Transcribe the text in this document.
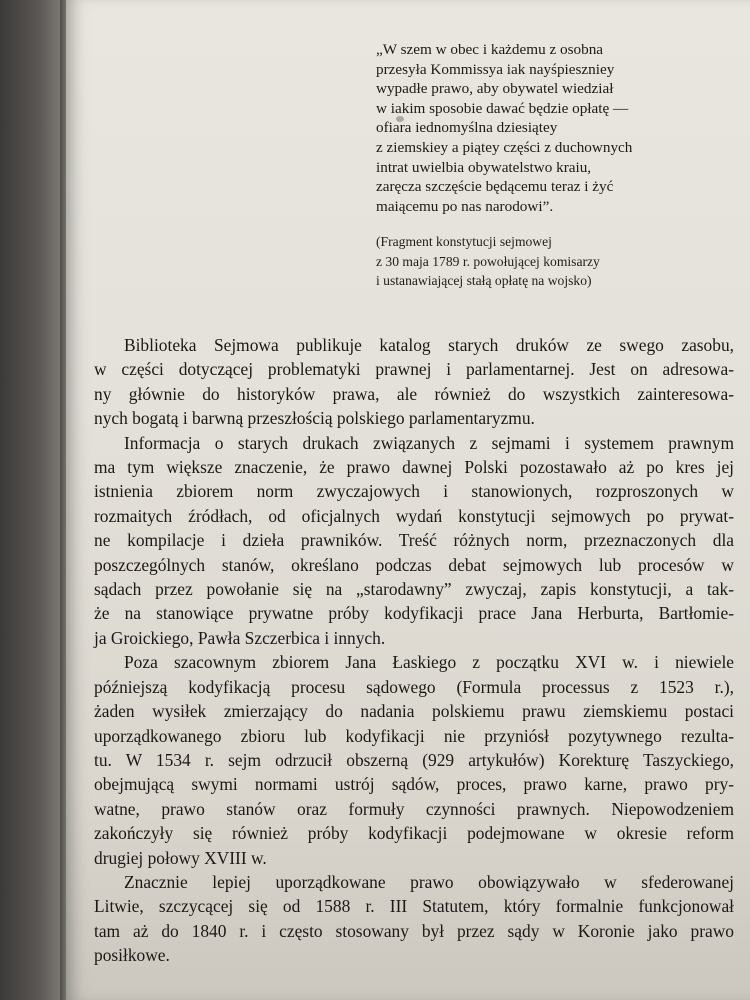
„W szem w obec i każdemu z osobna
przesyła Kommissya iak nayśpieszniey
wypadłe prawo, aby obywatel wiedział
w iakim sposobie dawać będzie opłatę —
ofiara iednomyślna dziesiątey
z ziemskiey a piątey części z duchownych
intrat uwielbia obywatelstwo kraiu,
zaręcza szczęście będącemu teraz i żyć
maiącemu po nas narodowi”.
(Fragment konstytucji sejmowej
z 30 maja 1789 r. powołującej komisarzy
i ustanawiającej stałą opłatę na wojsko)
Biblioteka Sejmowa publikuje katalog starych druków ze swego zasobu,
w części dotyczącej problematyki prawnej i parlamentarnej. Jest on adresowa-
ny głównie do historyków prawa, ale również do wszystkich zainteresowa-
nych bogatą i barwną przeszłością polskiego parlamentaryzmu.
Informacja o starych drukach związanych z sejmami i systemem prawnym
ma tym większe znaczenie, że prawo dawnej Polski pozostawało aż po kres jej
istnienia zbiorem norm zwyczajowych i stanowionych, rozproszonych w
rozmaitych źródłach, od oficjalnych wydań konstytucji sejmowych po prywat-
ne kompilacje i dzieła prawników. Treść różnych norm, przeznaczonych dla
poszczególnych stanów, określano podczas debat sejmowych lub procesów w
sądach przez powołanie się na „starodawny” zwyczaj, zapis konstytucji, a tak-
że na stanowiące prywatne próby kodyfikacji prace Jana Herburta, Bartłomie-
ja Groickiego, Pawła Szczerbica i innych.
Poza szacownym zbiorem Jana Łaskiego z początku XVI w. i niewiele
późniejszą kodyfikacją procesu sądowego (Formula processus z 1523 r.),
żaden wysiłek zmierzający do nadania polskiemu prawu ziemskiemu postaci
uporządkowanego zbioru lub kodyfikacji nie przyniósł pozytywnego rezulta-
tu. W 1534 r. sejm odrzucił obszerną (929 artykułów) Korekturę Taszyckiego,
obejmującą swymi normami ustrój sądów, proces, prawo karne, prawo pry-
watne, prawo stanów oraz formuły czynności prawnych. Niepowodzeniem
zakończyły się również próby kodyfikacji podejmowane w okresie reform
drugiej połowy XVIII w.
Znacznie lepiej uporządkowane prawo obowiązywało w sfederowanej
Litwie, szczycącej się od 1588 r. III Statutem, który formalnie funkcjonował
tam aż do 1840 r. i często stosowany był przez sądy w Koronie jako prawo
posiłkowe.
